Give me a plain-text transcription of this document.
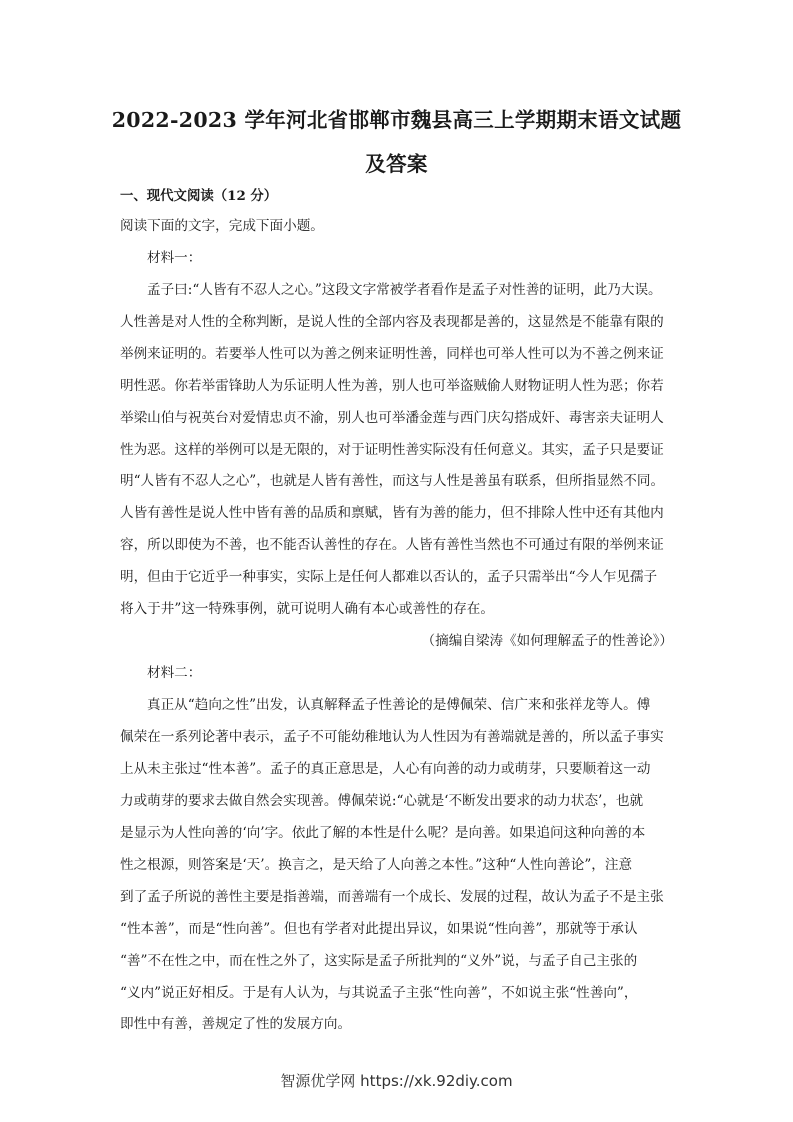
2022-2023 学年河北省邯郸市魏县高三上学期期末语文试题
及答案
一、现代文阅读（12 分）
阅读下面的文字，完成下面小题。
材料一：
孟子曰:“人皆有不忍人之心。”这段文字常被学者看作是孟子对性善的证明，此乃大误。
人性善是对人性的全称判断，是说人性的全部内容及表现都是善的，这显然是不能靠有限的
举例来证明的。若要举人性可以为善之例来证明性善，同样也可举人性可以为不善之例来证
明性恶。你若举雷锋助人为乐证明人性为善，别人也可举盗贼偷人财物证明人性为恶；你若
举梁山伯与祝英台对爱情忠贞不渝，别人也可举潘金莲与西门庆勾搭成奸、毒害亲夫证明人
性为恶。这样的举例可以是无限的，对于证明性善实际没有任何意义。其实，孟子只是要证
明“人皆有不忍人之心”，也就是人皆有善性，而这与人性是善虽有联系，但所指显然不同。
人皆有善性是说人性中皆有善的品质和禀赋，皆有为善的能力，但不排除人性中还有其他内
容，所以即使为不善，也不能否认善性的存在。人皆有善性当然也不可通过有限的举例来证
明，但由于它近乎一种事实，实际上是任何人都难以否认的，孟子只需举出“今人乍见孺子
将入于井”这一特殊事例，就可说明人确有本心或善性的存在。
（摘编自梁涛《如何理解孟子的性善论》）
材料二：
真正从“趋向之性”出发，认真解释孟子性善论的是傅佩荣、信广来和张祥龙等人。傅
佩荣在一系列论著中表示，孟子不可能幼稚地认为人性因为有善端就是善的，所以孟子事实
上从未主张过“性本善”。孟子的真正意思是，人心有向善的动力或萌芽，只要顺着这一动
力或萌芽的要求去做自然会实现善。傅佩荣说:“心就是‘不断发出要求的动力状态’，也就
是显示为人性向善的‘向’字。依此了解的本性是什么呢？是向善。如果追问这种向善的本
性之根源，则答案是‘天’。换言之，是天给了人向善之本性。”这种“人性向善论”，注意
到了孟子所说的善性主要是指善端，而善端有一个成长、发展的过程，故认为孟子不是主张
“性本善”，而是“性向善”。但也有学者对此提出异议，如果说“性向善”，那就等于承认
“善”不在性之中，而在性之外了，这实际是孟子所批判的“义外”说，与孟子自己主张的
“义内”说正好相反。于是有人认为，与其说孟子主张“性向善”，不如说主张“性善向”，
即性中有善，善规定了性的发展方向。
智源优学网 https://xk.92diy.com
